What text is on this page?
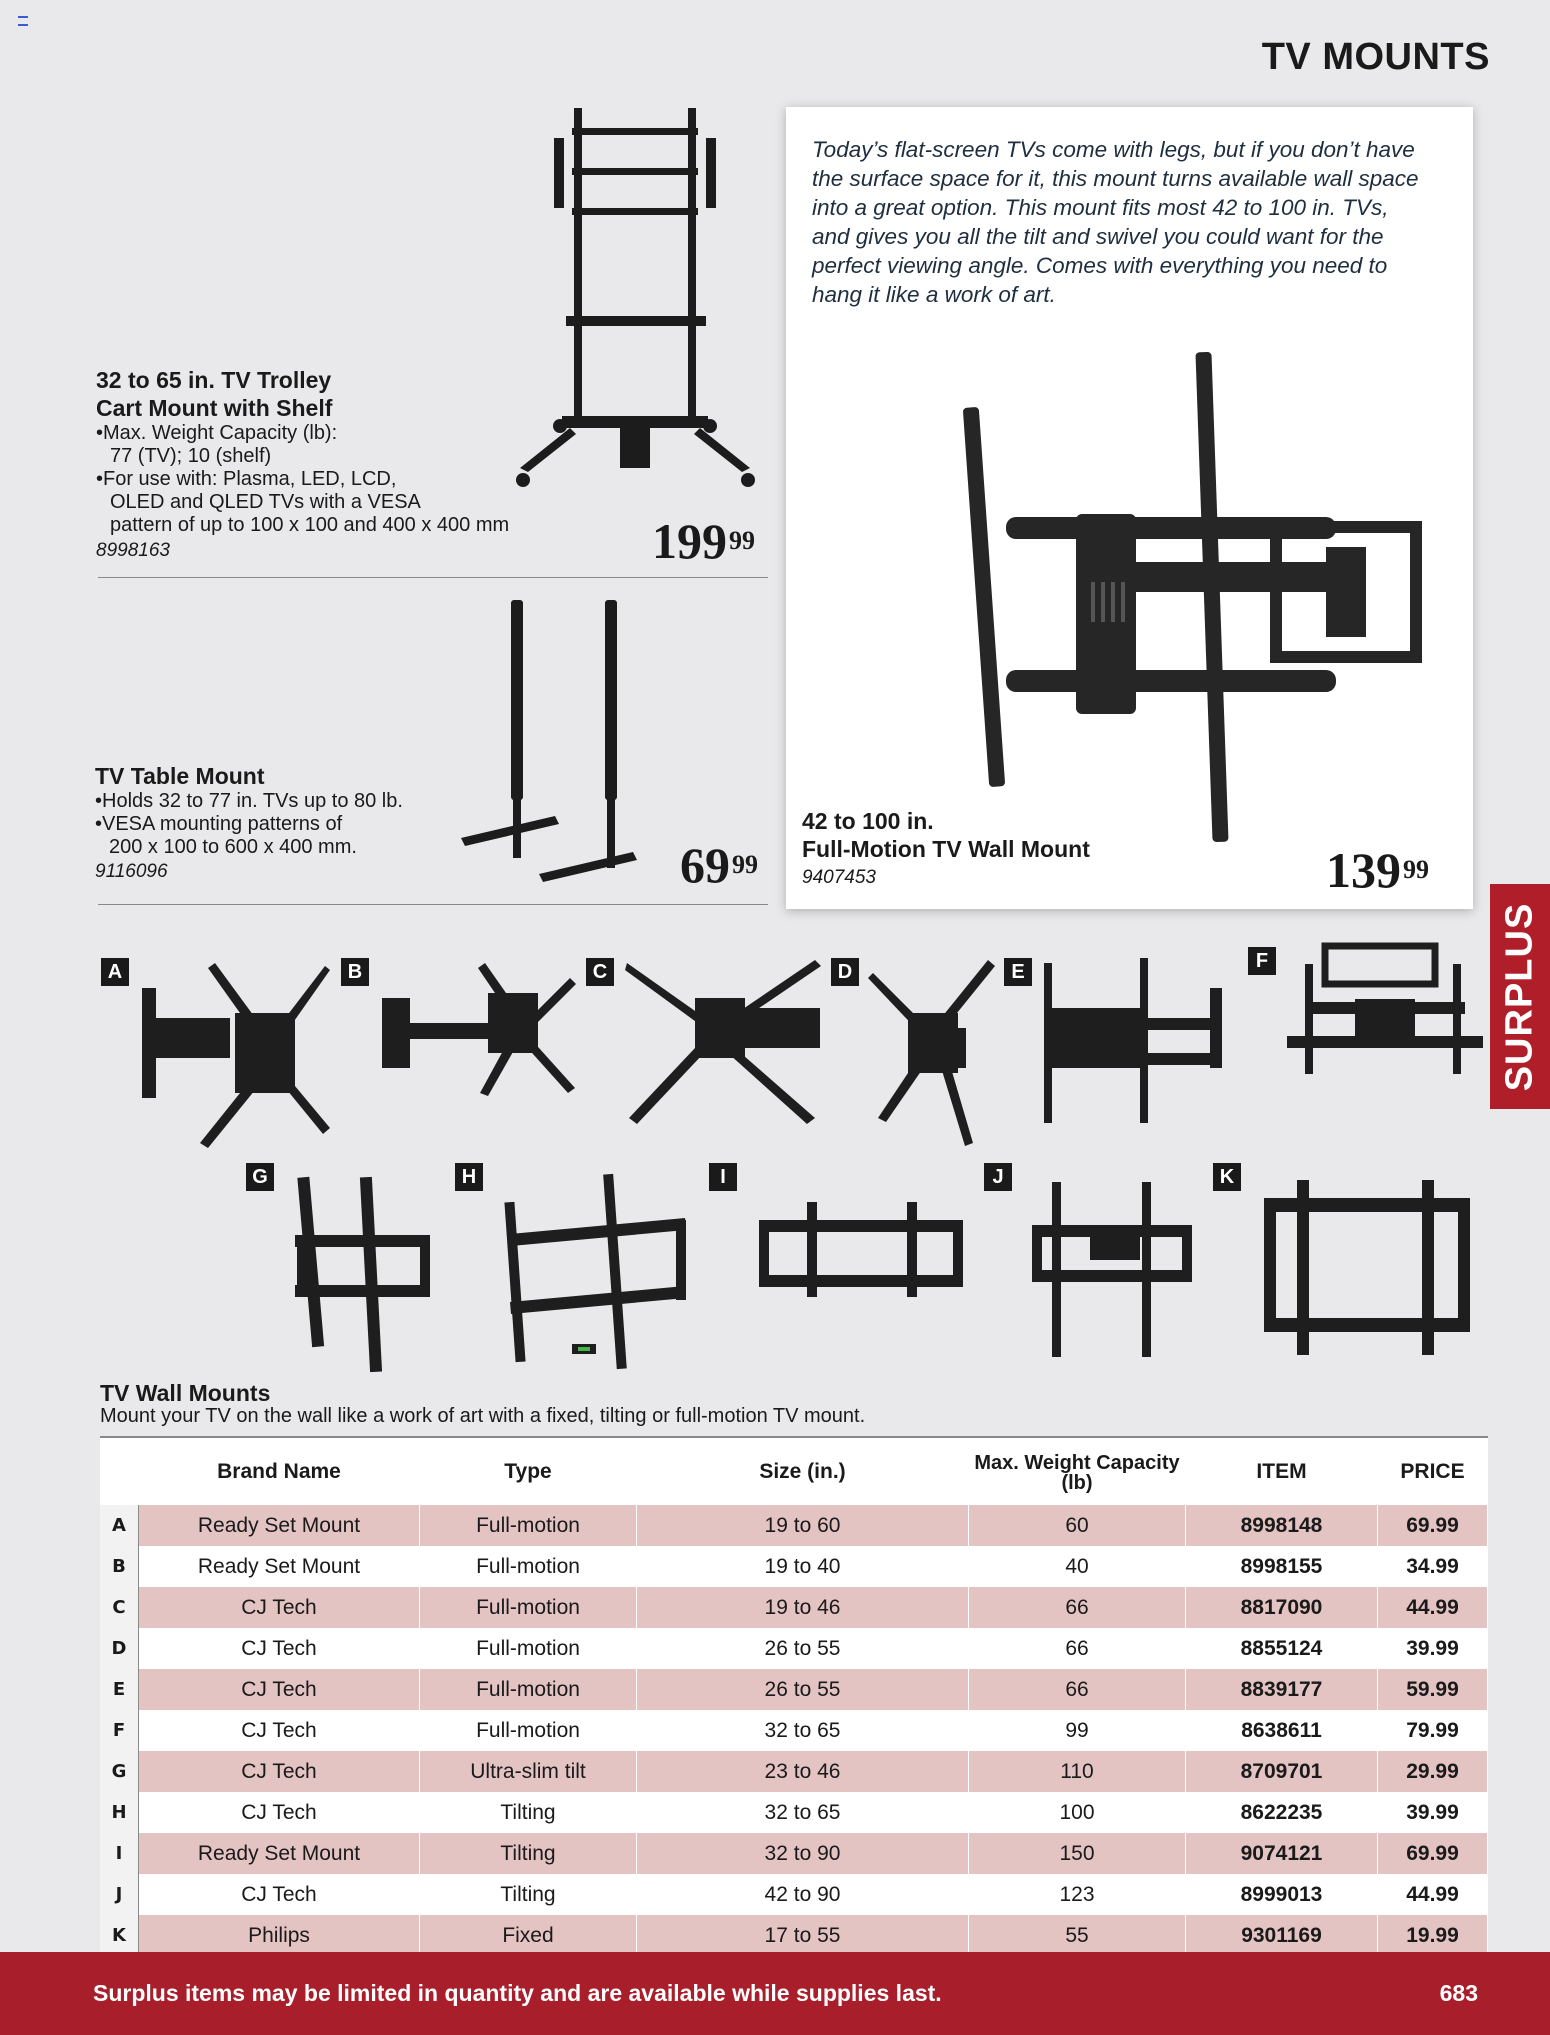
TV MOUNTS
32 to 65 in. TV Trolley
Cart Mount with Shelf
•Max. Weight Capacity (lb):
77 (TV); 10 (shelf)
•For use with: Plasma, LED, LCD,
OLED and QLED TVs with a VESA
pattern of up to 100 x 100 and 400 x 400 mm
8998163	$199^{99}$
TV Table Mount
•Holds 32 to 77 in. TVs up to 80 lb.
•VESA mounting patterns of
200 x 100 to 600 x 400 mm.
9116096	$69^{99}$
Today’s flat-screen TVs come with legs, but if you don’t have the surface space for it, this mount turns available wall space into a great option. This mount fits most 42 to 100 in. TVs, and gives you all the tilt and swivel you could want for the perfect viewing angle. Comes with everything you need to hang it like a work of art.
42 to 100 in.
Full-Motion TV Wall Mount
9407453	$139^{99}$
SURPLUS
A	B	C	D	E	F
G	H	I	J	K
TV Wall Mounts
Mount your TV on the wall like a work of art with a fixed, tilting or full-motion TV mount.
	Brand Name	Type	Size (in.)	Max. Weight Capacity (lb)	ITEM	PRICE
A	Ready Set Mount	Full-motion	19 to 60	60	8998148	69.99
B	Ready Set Mount	Full-motion	19 to 40	40	8998155	34.99
C	CJ Tech	Full-motion	19 to 46	66	8817090	44.99
D	CJ Tech	Full-motion	26 to 55	66	8855124	39.99
E	CJ Tech	Full-motion	26 to 55	66	8839177	59.99
F	CJ Tech	Full-motion	32 to 65	99	8638611	79.99
G	CJ Tech	Ultra-slim tilt	23 to 46	110	8709701	29.99
H	CJ Tech	Tilting	32 to 65	100	8622235	39.99
I	Ready Set Mount	Tilting	32 to 90	150	9074121	69.99
J	CJ Tech	Tilting	42 to 90	123	8999013	44.99
K	Philips	Fixed	17 to 55	55	9301169	19.99
Surplus items may be limited in quantity and are available while supplies last.	683
